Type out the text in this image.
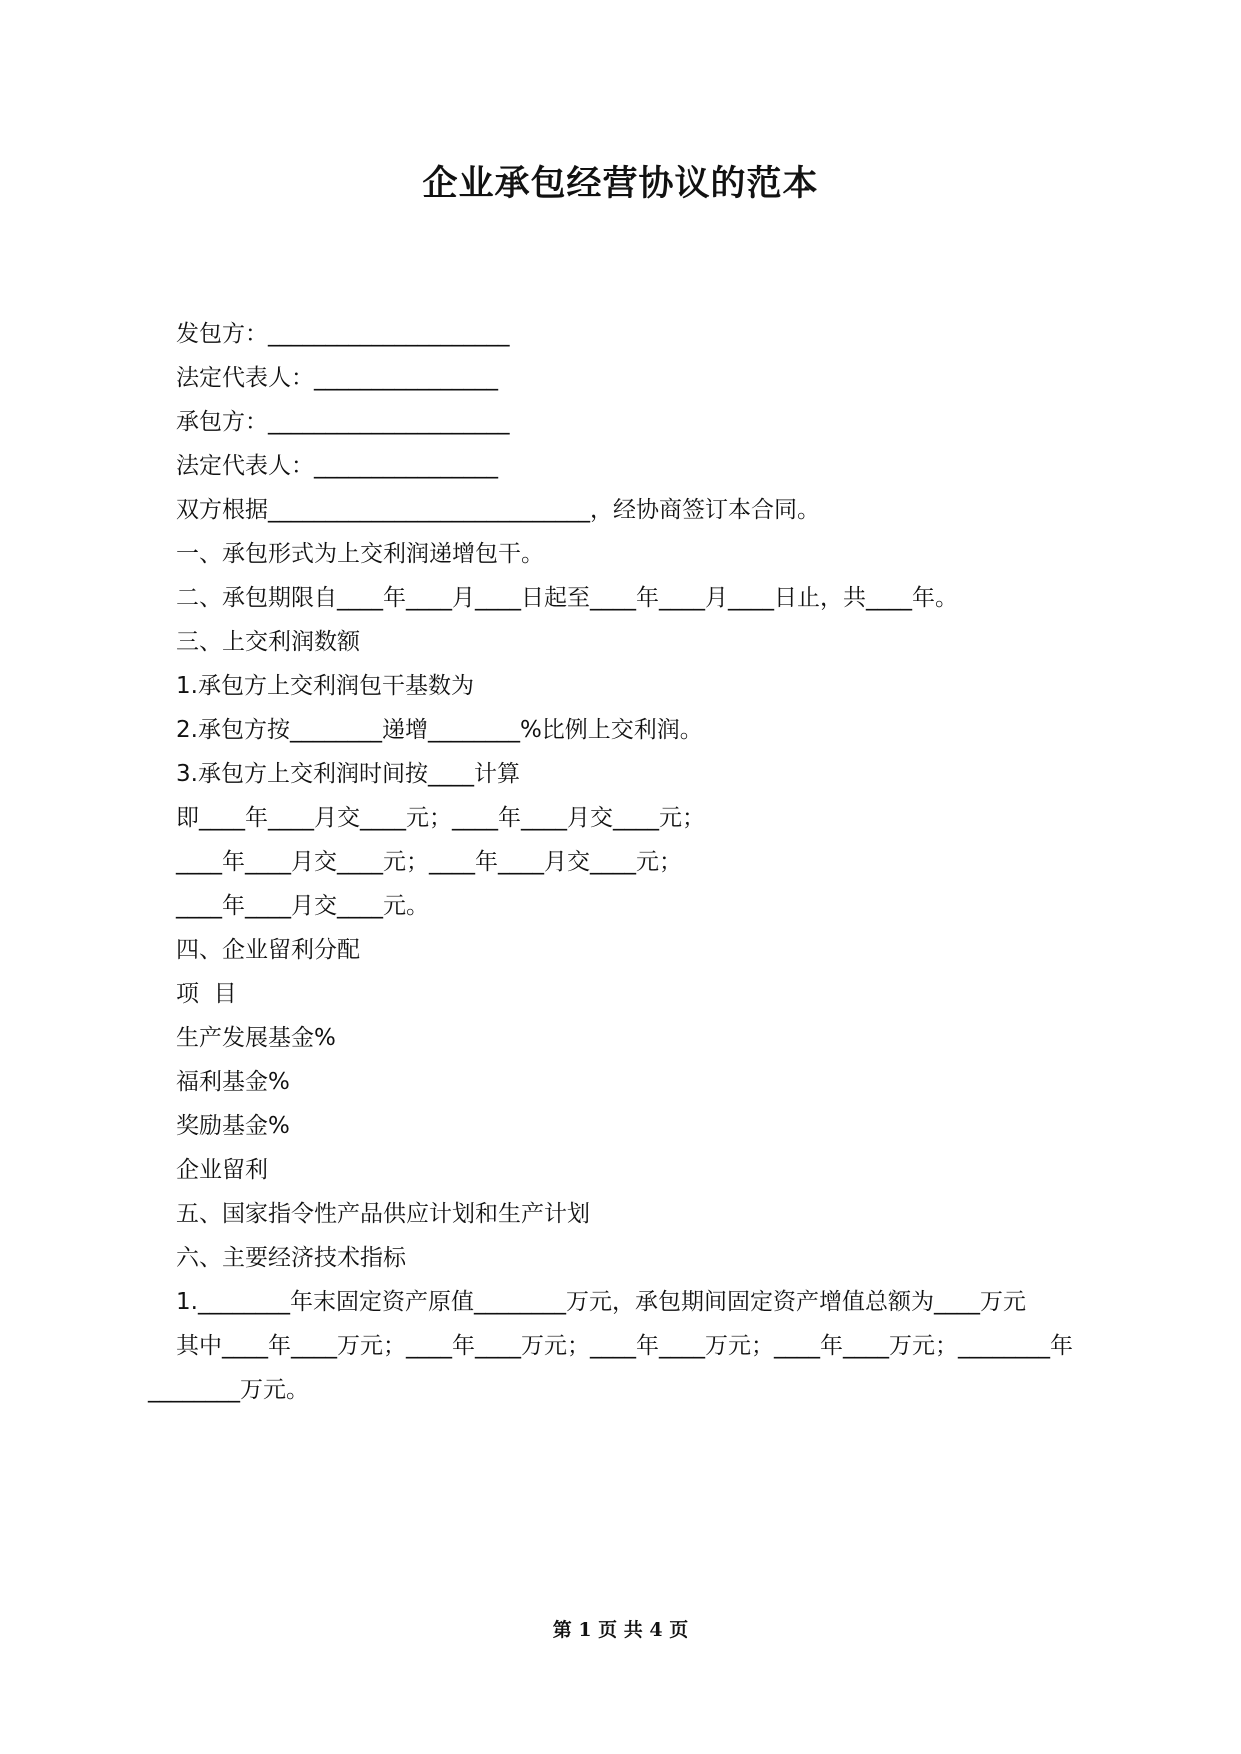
企业承包经营协议的范本
发包方：_____________________
法定代表人：________________
承包方：_____________________
法定代表人：________________
双方根据____________________________，经协商签订本合同。
一、承包形式为上交利润递增包干。
二、承包期限自____年____月____日起至____年____月____日止，共____年。
三、上交利润数额
1.承包方上交利润包干基数为
2.承包方按________递增________%比例上交利润。
3.承包方上交利润时间按____计算
即____年____月交____元；____年____月交____元；
____年____月交____元；____年____月交____元；
____年____月交____元。
四、企业留利分配
项  目
生产发展基金%
福利基金%
奖励基金%
企业留利
五、国家指令性产品供应计划和生产计划
六、主要经济技术指标
1.________年末固定资产原值________万元，承包期间固定资产增值总额为____万元
其中____年____万元；____年____万元；____年____万元；____年____万元；________年
________万元。
第 1 页 共 4 页
